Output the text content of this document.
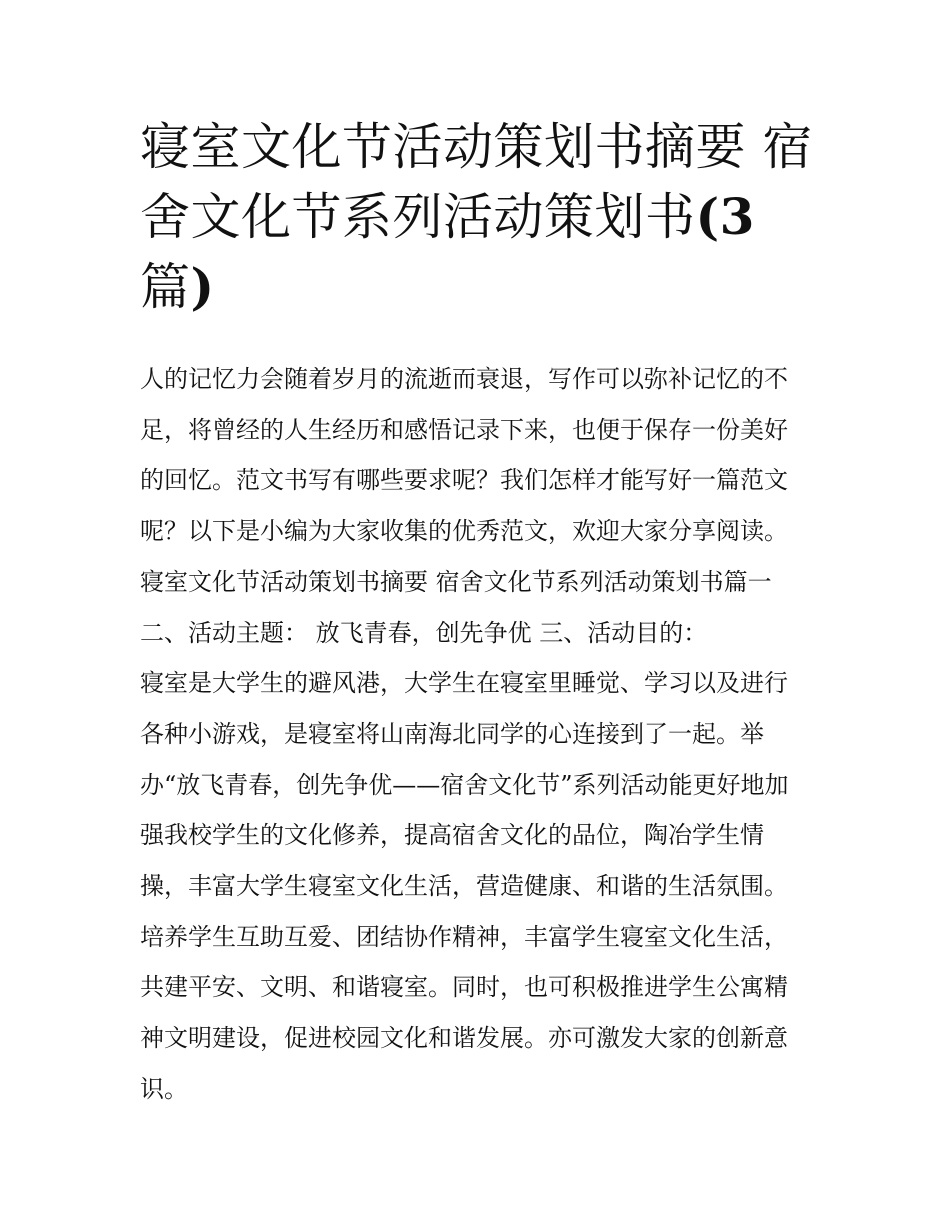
寝室文化节活动策划书摘要 宿
舍文化节系列活动策划书(3
篇)
人的记忆力会随着岁月的流逝而衰退，写作可以弥补记忆的不
足，将曾经的人生经历和感悟记录下来，也便于保存一份美好
的回忆。范文书写有哪些要求呢？我们怎样才能写好一篇范文
呢？以下是小编为大家收集的优秀范文，欢迎大家分享阅读。
寝室文化节活动策划书摘要 宿舍文化节系列活动策划书篇一
二、活动主题： 放飞青春，创先争优 三、活动目的：
寝室是大学生的避风港，大学生在寝室里睡觉、学习以及进行
各种小游戏，是寝室将山南海北同学的心连接到了一起。举
办“放飞青春，创先争优——宿舍文化节”系列活动能更好地加
强我校学生的文化修养，提高宿舍文化的品位，陶冶学生情
操，丰富大学生寝室文化生活，营造健康、和谐的生活氛围。
培养学生互助互爱、团结协作精神，丰富学生寝室文化生活，
共建平安、文明、和谐寝室。同时，也可积极推进学生公寓精
神文明建设，促进校园文化和谐发展。亦可激发大家的创新意
识。
